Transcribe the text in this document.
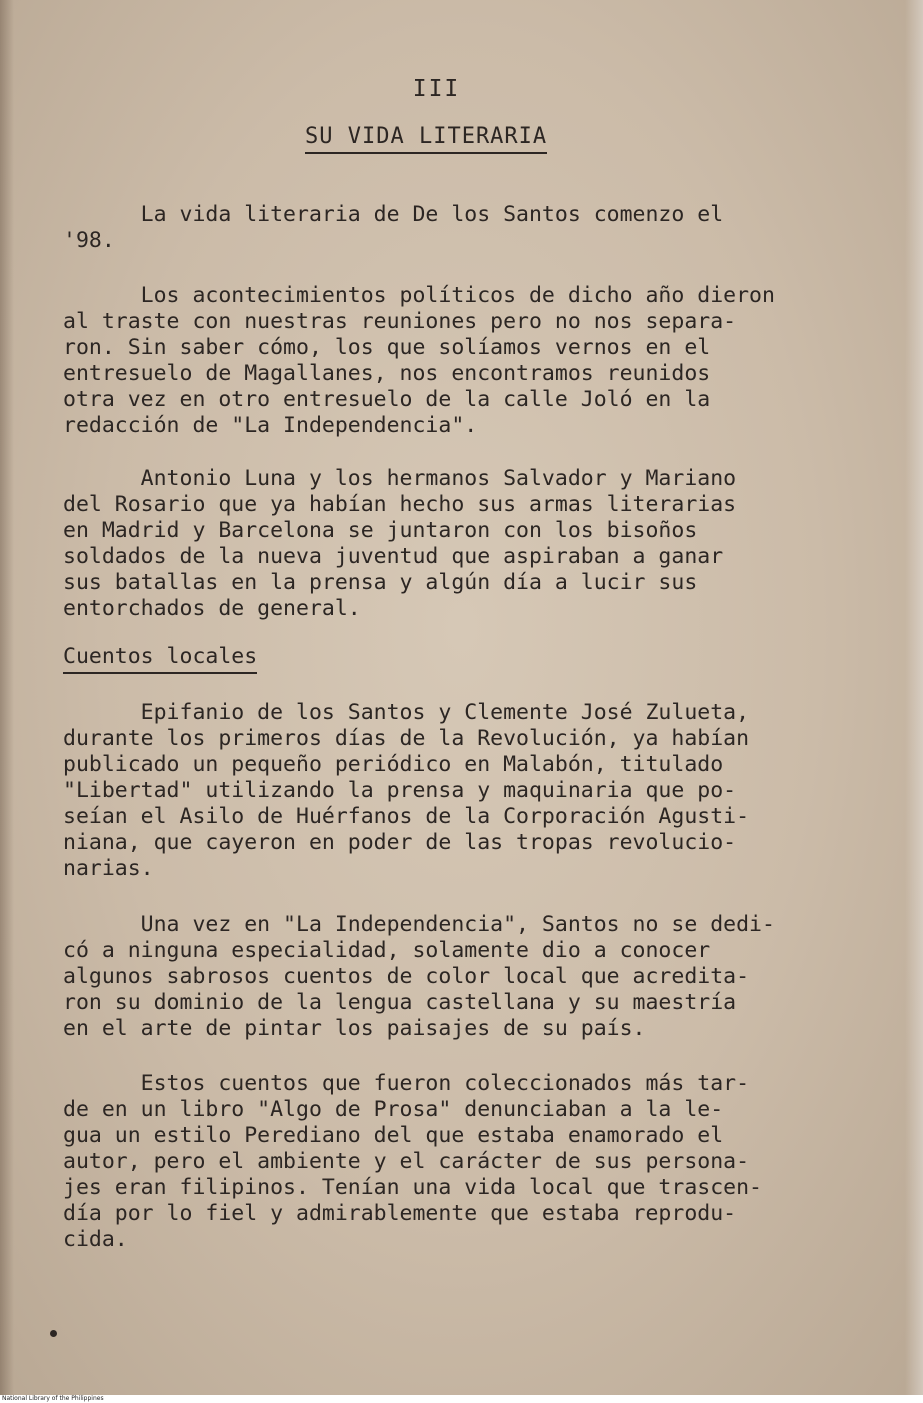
III
SU VIDA LITERARIA
La vida literaria de De los Santos comenzo el
'98.
Los acontecimientos políticos de dicho año dieron
al traste con nuestras reuniones pero no nos separa-
ron. Sin saber cómo, los que solíamos vernos en el
entresuelo de Magallanes, nos encontramos reunidos
otra vez en otro entresuelo de la calle Joló en la
redacción de "La Independencia".
Antonio Luna y los hermanos Salvador y Mariano
del Rosario que ya habían hecho sus armas literarias
en Madrid y Barcelona se juntaron con los bisoños
soldados de la nueva juventud que aspiraban a ganar
sus batallas en la prensa y algún día a lucir sus
entorchados de general.
Cuentos locales
Epifanio de los Santos y Clemente José Zulueta,
durante los primeros días de la Revolución, ya habían
publicado un pequeño periódico en Malabón, titulado
"Libertad" utilizando la prensa y maquinaria que po-
seían el Asilo de Huérfanos de la Corporación Agusti-
niana, que cayeron en poder de las tropas revolucio-
narias.
Una vez en "La Independencia", Santos no se dedi-
có a ninguna especialidad, solamente dio a conocer
algunos sabrosos cuentos de color local que acredita-
ron su dominio de la lengua castellana y su maestría
en el arte de pintar los paisajes de su país.
Estos cuentos que fueron coleccionados más tar-
de en un libro "Algo de Prosa" denunciaban a la le-
gua un estilo Perediano del que estaba enamorado el
autor, pero el ambiente y el carácter de sus persona-
jes eran filipinos. Tenían una vida local que trascen-
día por lo fiel y admirablemente que estaba reprodu-
cida.
National Library of the Philippines
